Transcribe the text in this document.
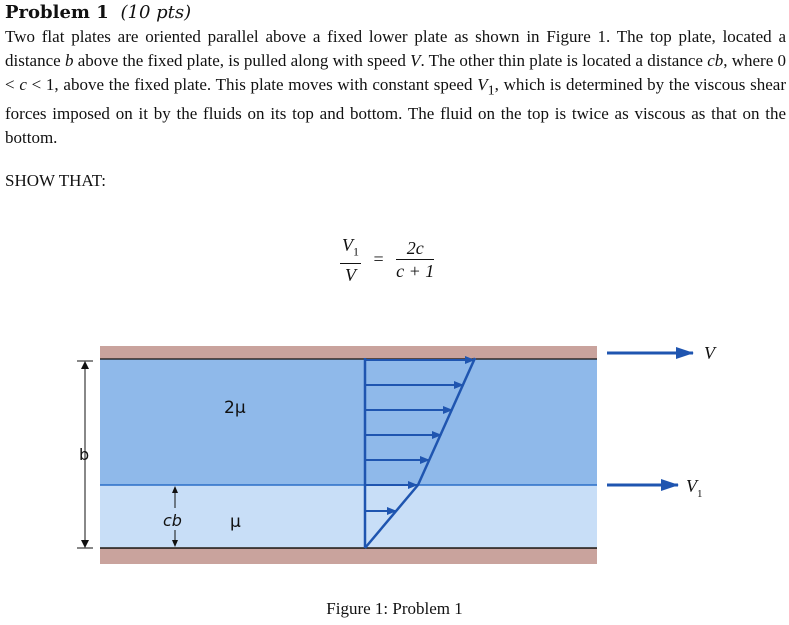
Problem 1 (10 pts)
Two flat plates are oriented parallel above a fixed lower plate as shown in Figure 1. The top plate, located a distance b above the fixed plate, is pulled along with speed V. The other thin plate is located a distance cb, where 0 < c < 1, above the fixed plate. This plate moves with constant speed $V_1$, which is determined by the viscous shear forces imposed on it by the fluids on its top and bottom. The fluid on the top is twice as viscous as that on the bottom.
SHOW THAT:
$\frac{V_1}{V} = \frac{2c}{c + 1}$
V
$V_1$
b
cb
2μ
μ
Figure 1: Problem 1
